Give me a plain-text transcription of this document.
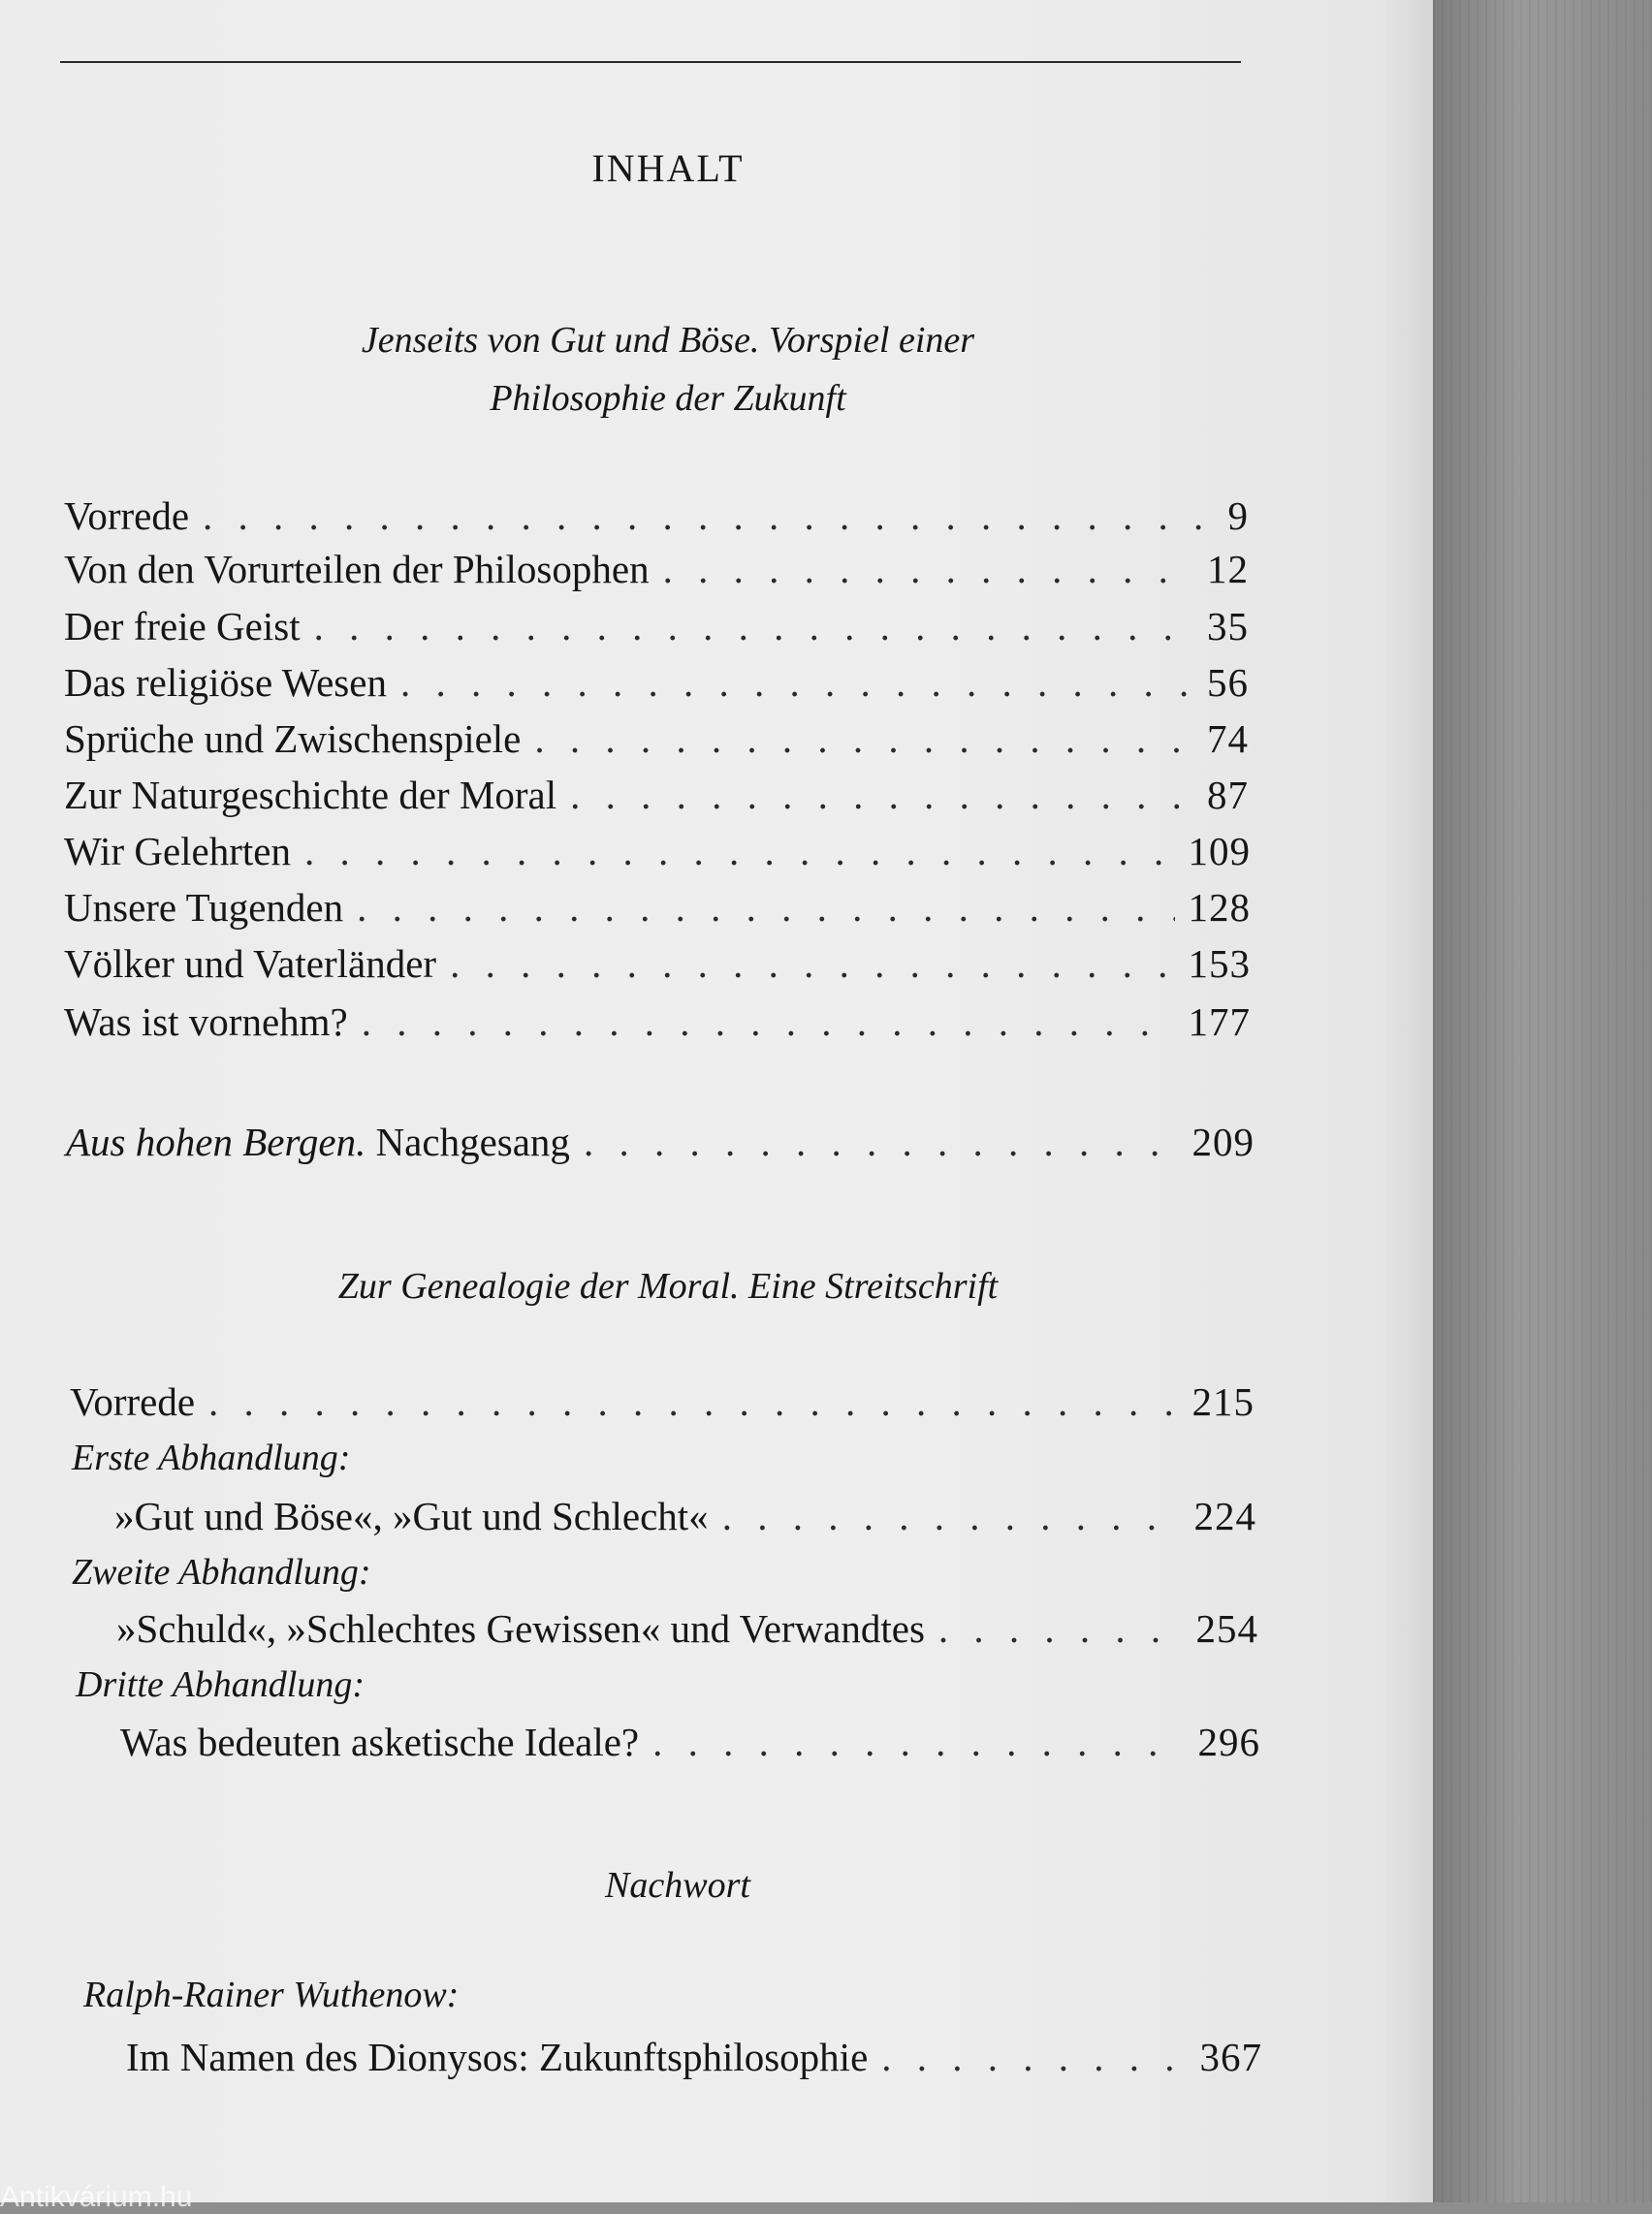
INHALT
Jenseits von Gut und Böse. Vorspiel einer
Philosophie der Zukunft
Vorrede . . .	9
Von den Vorurteilen der Philosophen . . .	12
Der freie Geist . . .	35
Das religiöse Wesen . . .	56
Sprüche und Zwischenspiele . . .	74
Zur Naturgeschichte der Moral . . .	87
Wir Gelehrten . . .	109
Unsere Tugenden . . .	128
Völker und Vaterländer . . .	153
Was ist vornehm? . . .	177
Aus hohen Bergen. Nachgesang . . .	209
Zur Genealogie der Moral. Eine Streitschrift
Vorrede . . .	215
Erste Abhandlung:
»Gut und Böse«, »Gut und Schlecht« . . .	224
Zweite Abhandlung:
»Schuld«, »Schlechtes Gewissen« und Verwandtes . . .	254
Dritte Abhandlung:
Was bedeuten asketische Ideale? . . .	296
Nachwort
Ralph-Rainer Wuthenow:
Im Namen des Dionysos: Zukunftsphilosophie . . .	367
Antikvárium.hu
